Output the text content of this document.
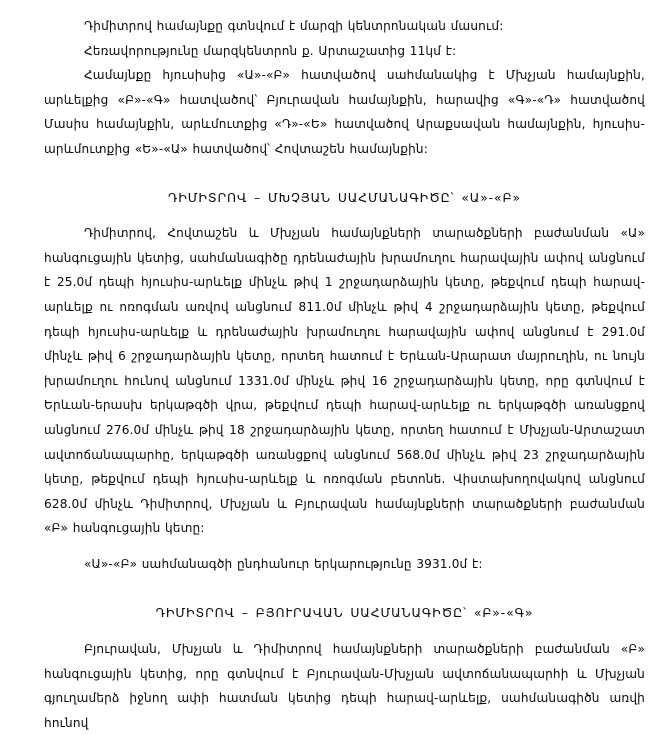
Դիմիտրով համայնքը գտնվում է մարզի կենտրոնական մասում:

Հեռավորությունը մարզկենտրոն ք. Արտաշատից 11կմ է:

Համայնքը հյուսիսից «Ա»-«Բ» հատվածով սահմանակից է Մխչյան համայնքին, արևելքից «Բ»-«Գ» հատվածով՝ Բյուրավան համայնքին, հարավից «Գ»-«Դ» հատվածով Մասիս համայնքին, արևմուտքից «Դ»-«Ե» հատվածով Արաքսավան համայնքին, հյուսիս-արևմուտքից «Ե»-«Ա» հատվածով՝ Հովտաշեն համայնքին:

ԴԻՄԻՏՐՈՎ – ՄԽՉՅԱՆ ՍԱՀՄԱՆԱԳԻԾԸ՝ «Ա»-«Բ»

Դիմիտրով, Հովտաշեն և Մխչյան համայնքների տարածքների բաժանման «Ա» հանգուցային կետից, սահմանագիծը դրենաժային խրամուղու հարավային ափով անցնում է 25.0մ դեպի հյուսիս-արևելք մինչև թիվ 1 շրջադարձային կետը, թեքվում դեպի հարավ-արևելք ու ոռոգման առվով անցնում 811.0մ մինչև թիվ 4 շրջադարձային կետը, թեքվում դեպի հյուսիս-արևելք և դրենաժային խրամուղու հարավային ափով անցնում է 291.0մ մինչև թիվ 6 շրջադարձային կետը, որտեղ հատում է Երևան-Արարատ մայրուղին, ու նույն խրամուղու հունով անցնում 1331.0մ մինչև թիվ 16 շրջադարձային կետը, որը գտնվում է Երևան-երասխ երկաթգծի վրա, թեքվում դեպի հարավ-արևելք ու երկաթգծի առանցքով անցնում 276.0մ մինչև թիվ 18 շրջադարձային կետը, որտեղ հատում է Մխչյան-Արտաշատ ավտոճանապարհը, երկաթգծի առանցքով անցնում 568.0մ մինչև թիվ 23 շրջադարձային կետը, թեքվում դեպի հյուսիս-արևելք և ոռոգման բետոնե. Վիստախողովակով անցնում 628.0մ մինչև Դիմիտրով, Մխչյան և Բյուրավան համայնքների տարածքների բաժանման «Բ» հանգուցային կետը:

«Ա»-«Բ» սահմանագծի ընդհանուր երկարությունը 3931.0մ է:

ԴԻՄԻՏՐՈՎ – ԲՅՈՒՐԱՎԱՆ ՍԱՀՄԱՆԱԳԻԾԸ՝ «Բ»-«Գ»

Բյուրավան, Մխչյան և Դիմիտրով համայնքների տարածքների բաժանման «Բ» հանգուցային կետից, որը գտնվում է Բյուրավան-Մխչյան ավտոճանապարհի և Մխչյան գյուղամերձ իջնող ափի հատման կետից դեպի հարավ-արևելք, սահմանագիծն առվի հունով
